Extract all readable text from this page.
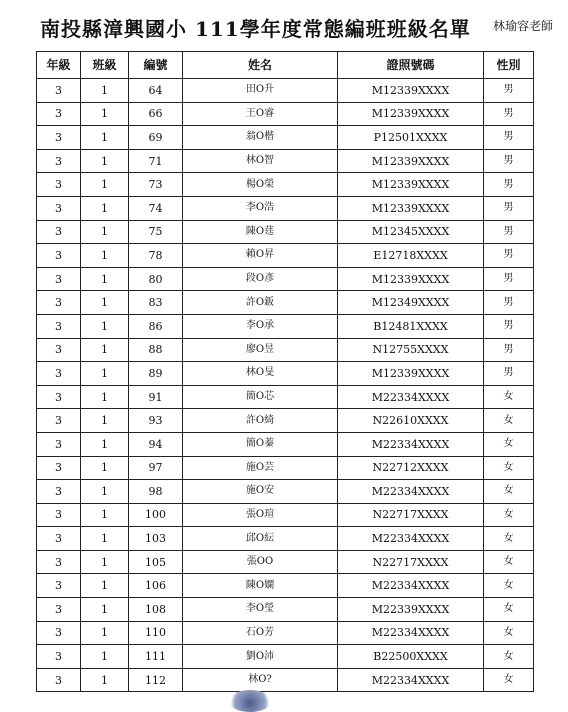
南投縣漳興國小 111學年度常態編班班級名單 林瑜容老師
年級	班級	編號	姓名	證照號碼	性別
3	1	64	田O升	M12339XXXX	男
3	1	66	王O睿	M12339XXXX	男
3	1	69	翁O楷	P12501XXXX	男
3	1	71	林O智	M12339XXXX	男
3	1	73	楊O榮	M12339XXXX	男
3	1	74	李O浩	M12339XXXX	男
3	1	75	陳O莛	M12345XXXX	男
3	1	78	賴O昇	E12718XXXX	男
3	1	80	段O彥	M12339XXXX	男
3	1	83	許O鈑	M12349XXXX	男
3	1	86	李O承	B12481XXXX	男
3	1	88	廖O昱	N12755XXXX	男
3	1	89	林O旻	M12339XXXX	男
3	1	91	簡O芯	M22334XXXX	女
3	1	93	許O綺	N22610XXXX	女
3	1	94	簡O蓁	M22334XXXX	女
3	1	97	施O芸	N22712XXXX	女
3	1	98	施O安	M22334XXXX	女
3	1	100	張O瑄	N22717XXXX	女
3	1	103	邱O紜	M22334XXXX	女
3	1	105	張OO	N22717XXXX	女
3	1	106	陳O嫻	M22334XXXX	女
3	1	108	李O瑩	M22339XXXX	女
3	1	110	石O芳	M22334XXXX	女
3	1	111	劉O沛	B22500XXXX	女
3	1	112	林O?	M22334XXXX	女
